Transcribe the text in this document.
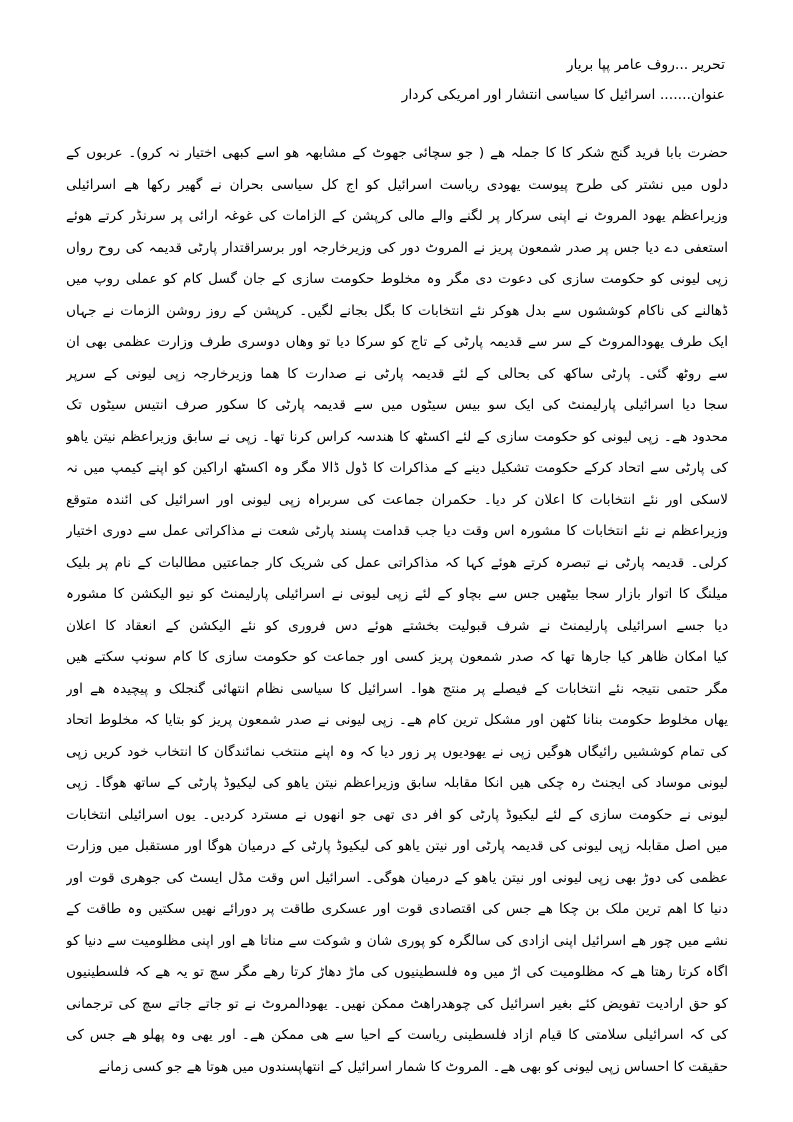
تحریر ...روف عامر پپا بریار
عنوان....... اسرائیل کا سیاسی انتشار اور امریکی کردار
حضرت بابا فرید گنج شکر کا کا جملہ ھے ( جو سچائی جھوٹ کے مشابھہ ھو اسے کبھی اختیار نہ کرو)۔ عربوں کے
دلوں میں نشتر کی طرح پیوست یھودی ریاست اسرائیل کو اج کل سیاسی بحران نے گھیر رکھا ھے اسرائیلی
وزیراعظم یھود المروٹ نے اپنی سرکار پر لگنے والے مالی کرپشن کے الزامات کی غوغہ ارائی پر سرنڈر کرتے ھوئے
استعفی دے دیا جس پر صدر شمعون پریز نے المروٹ دور کی وزیرخارجہ اور برسراقتدار پارٹی قدیمہ کی روح رواں
زپی لیونی کو حکومت سازی کی دعوت دی مگر وہ مخلوط حکومت سازی کے جان گسل کام کو عملی روپ میں
ڈھالنے کی ناکام کوششوں سے بدل ھوکر نئے انتخابات کا بگل بجانے لگیں۔ کرپشن کے روز روشن الزمات نے جہاں
ایک طرف یھودالمروٹ کے سر سے قدیمہ پارٹی کے تاج کو سرکا دیا تو وھاں دوسری طرف وزارت عظمی بھی ان
سے روٹھ گئی۔ پارٹی ساکھ کی بحالی کے لئے قدیمہ پارٹی نے صدارت کا ھما وزیرخارجہ زپی لیونی کے سرپر
سجا دیا اسرائیلی پارلیمنٹ کی ایک سو بیس سیٹوں میں سے قدیمہ پارٹی کا سکور صرف انتیس سیٹوں تک
محدود ھے۔ زپی لیونی کو حکومت سازی کے لئے اکسٹھ کا ھندسہ کراس کرنا تھا۔ زپی نے سابق وزیراعظم نیتن یاھو
کی پارٹی سے اتحاد کرکے حکومت تشکیل دینے کے مذاکرات کا ڈول ڈالا مگر وہ اکسٹھ اراکین کو اپنے کیمپ میں نہ
لاسکی اور نئے انتخابات کا اعلان کر دیا۔ حکمران جماعت کی سربراہ زپی لیونی اور اسرائیل کی ائندہ متوقع
وزیراعظم نے نئے انتخابات کا مشورہ اس وقت دیا جب قدامت پسند پارٹی شعت نے مذاکراتی عمل سے دوری اختیار
کرلی۔ قدیمہ پارٹی نے تبصرہ کرتے ھوئے کہا کہ مذاکراتی عمل کی شریک کار جماعتیں مطالبات کے نام پر بلیک
میلنگ کا اتوار بازار سجا بیٹھیں جس سے بچاو کے لئے زپی لیونی نے اسرائیلی پارلیمنٹ کو نیو الیکشن کا مشورہ
دیا جسے اسرائیلی پارلیمنٹ نے شرف قبولیت بخشتے ھوئے دس فروری کو نئے الیکشن کے انعقاد کا اعلان
کیا امکان ظاھر کیا جارھا تھا کہ صدر شمعون پریز کسی اور جماعت کو حکومت سازی کا کام سونپ سکتے ھیں
مگر حتمی نتیجہ نئے انتخابات کے فیصلے پر منتج ھوا۔ اسرائیل کا سیاسی نظام انتھائی گنجلک و پیچیدہ ھے اور
یھاں مخلوط حکومت بنانا کٹھن اور مشکل ترین کام ھے۔ زپی لیونی نے صدر شمعون پریز کو بتایا کہ مخلوط اتحاد
کی تمام کوششیں رائیگاں ھوگیں زپی نے یھودیوں پر زور دیا کہ وہ اپنے منتخب نمائندگان کا انتخاب خود کریں زپی
لیونی موساد کی ایجنٹ رہ چکی ھیں انکا مقابلہ سابق وزیراعظم نیتن یاھو کی لیکیوڈ پارٹی کے ساتھ ھوگا۔ زپی
لیونی نے حکومت سازی کے لئے لیکیوڈ پارٹی کو افر دی تھی جو انھوں نے مسترد کردیں۔ یوں اسرائیلی انتخابات
میں اصل مقابلہ زپی لیونی کی قدیمہ پارٹی اور نیتن یاھو کی لیکیوڈ پارٹی کے درمیان ھوگا اور مستقبل میں وزارت
عظمی کی دوڑ بھی زپی لیونی اور نیتن یاھو کے درمیان ھوگی۔ اسرائیل اس وقت مڈل ایسٹ کی جوھری قوت اور
دنیا کا اھم ترین ملک بن چکا ھے جس کی اقتصادی قوت اور عسکری طاقت پر دورائے نھیں سکتیں وہ طاقت کے
نشے میں چور ھے اسرائیل اپنی ازادی کی سالگرہ کو پوری شان و شوکت سے مناتا ھے اور اپنی مظلومیت سے دنیا کو
اگاہ کرتا رھتا ھے کہ مظلومیت کی اڑ میں وہ فلسطینیوں کی ماڑ دھاڑ کرتا رھے مگر سچ تو یہ ھے کہ فلسطینیوں
کو حق ارادیت تفویض کئے بغیر اسرائیل کی چوھدراھٹ ممکن نھیں۔ یھودالمروٹ نے تو جاتے جاتے سچ کی ترجمانی
کی کہ اسرائیلی سلامتی کا قیام ازاد فلسطینی ریاست کے احیا سے ھی ممکن ھے۔ اور یھی وہ پھلو ھے جس کی
حقیقت کا احساس زپی لیونی کو بھی ھے۔ المروٹ کا شمار اسرائیل کے انتھاپسندوں میں ھوتا ھے جو کسی زمانے
